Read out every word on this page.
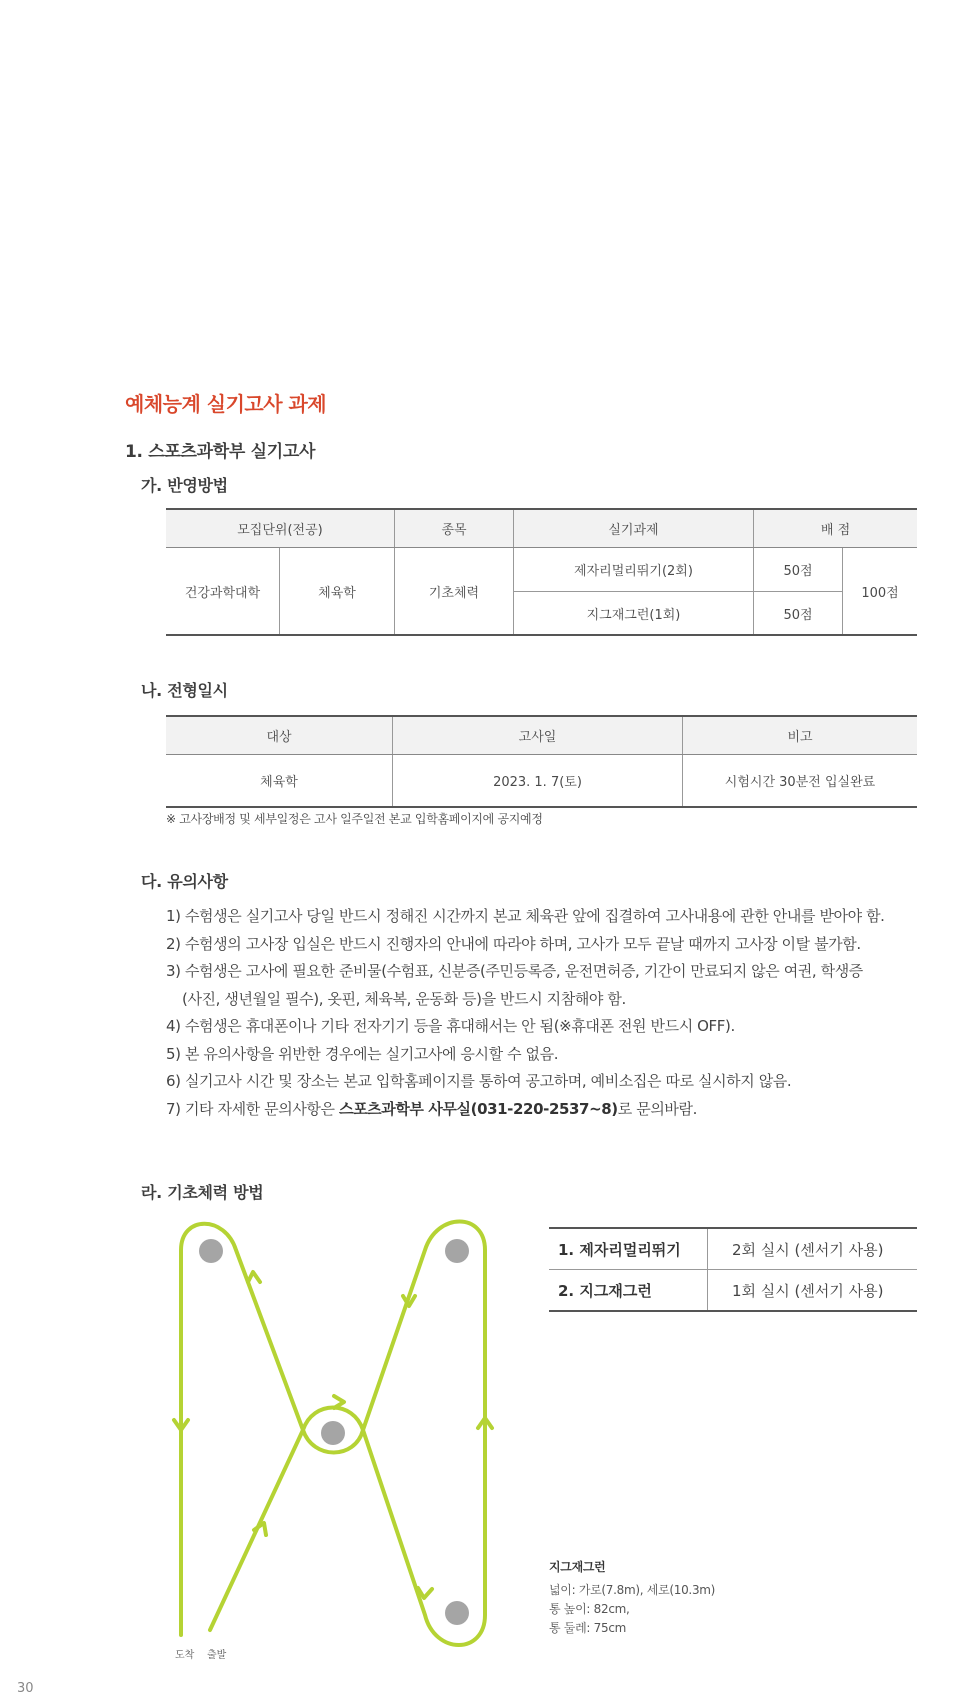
예체능계 실기고사 과제
1. 스포츠과학부 실기고사
가. 반영방법
모집단위(전공)		종목	실기과제	배 점	
건강과학대학	체육학	기초체력	제자리멀리뛰기(2회)	50점	100점
			지그재그런(1회)	50점	
나. 전형일시
대상	고사일	비고
체육학	2023. 1. 7(토)	시험시간 30분전 입실완료
※ 고사장배정 및 세부일정은 고사 일주일전 본교 입학홈페이지에 공지예정
다. 유의사항
1) 수험생은 실기고사 당일 반드시 정해진 시간까지 본교 체육관 앞에 집결하여 고사내용에 관한 안내를 받아야 함.
2) 수험생의 고사장 입실은 반드시 진행자의 안내에 따라야 하며, 고사가 모두 끝날 때까지 고사장 이탈 불가함.
3) 수험생은 고사에 필요한 준비물(수험표, 신분증(주민등록증, 운전면허증, 기간이 만료되지 않은 여권, 학생증
(사진, 생년월일 필수), 옷핀, 체육복, 운동화 등)을 반드시 지참해야 함.
4) 수험생은 휴대폰이나 기타 전자기기 등을 휴대해서는 안 됨(※휴대폰 전원 반드시 OFF).
5) 본 유의사항을 위반한 경우에는 실기고사에 응시할 수 없음.
6) 실기고사 시간 및 장소는 본교 입학홈페이지를 통하여 공고하며, 예비소집은 따로 실시하지 않음.
7) 기타 자세한 문의사항은 스포츠과학부 사무실(031-220-2537~8)로 문의바람.
라. 기초체력 방법
도착 출발
1. 제자리멀리뛰기	2회 실시 (센서기 사용)
2. 지그재그런	1회 실시 (센서기 사용)
지그재그런
넓이: 가로(7.8m), 세로(10.3m)
통 높이: 82cm,
통 둘레: 75cm
30
